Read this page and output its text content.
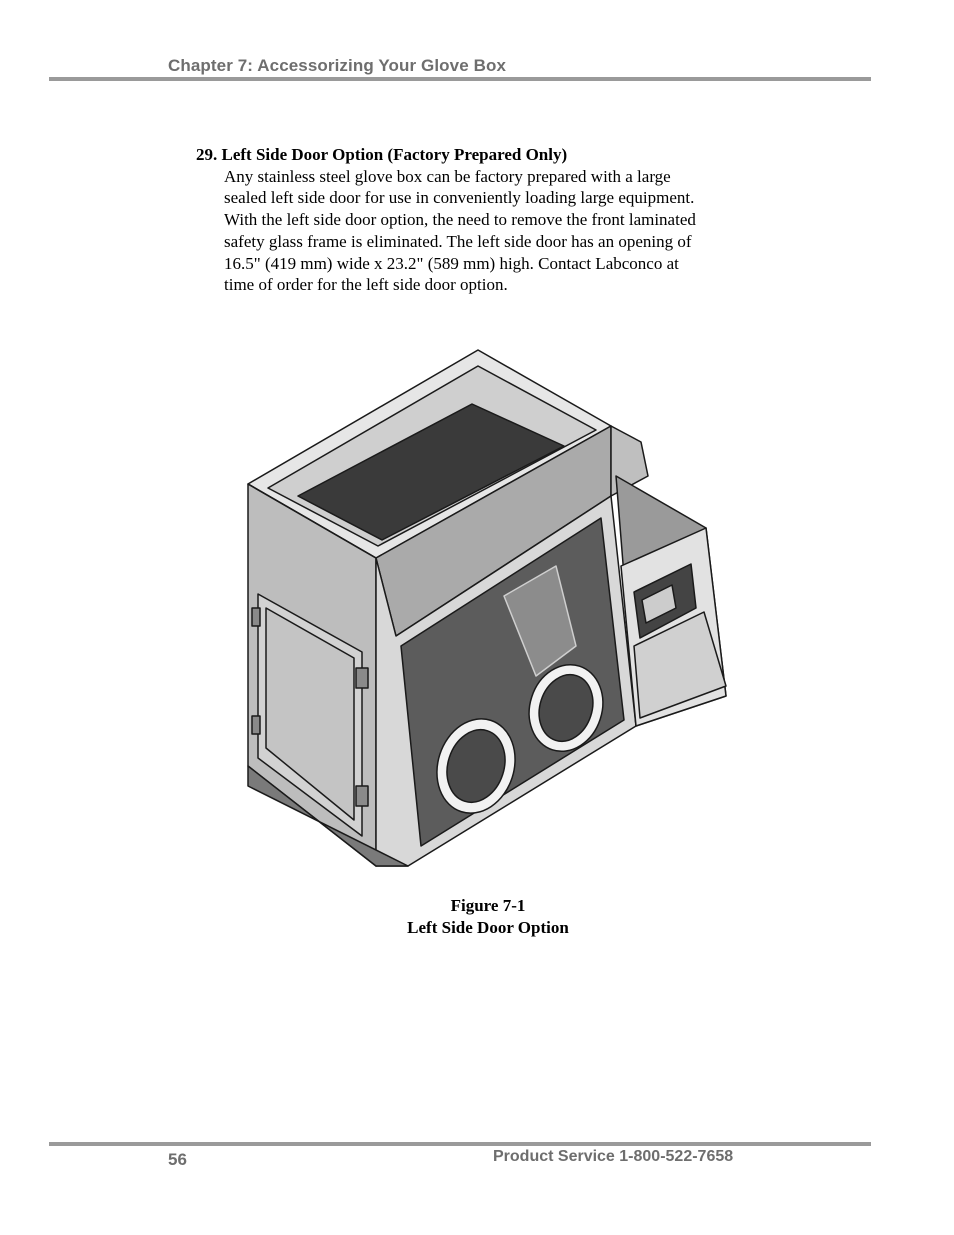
Chapter 7: Accessorizing Your Glove Box
29. Left Side Door Option (Factory Prepared Only)
Any stainless steel glove box can be factory prepared with a large
sealed left side door for use in conveniently loading large equipment.
With the left side door option, the need to remove the front laminated
safety glass frame is eliminated. The left side door has an opening of
16.5" (419 mm) wide x 23.2" (589 mm) high. Contact Labconco at
time of order for the left side door option.
Figure 7-1
Left Side Door Option
56	Product Service 1-800-522-7658
